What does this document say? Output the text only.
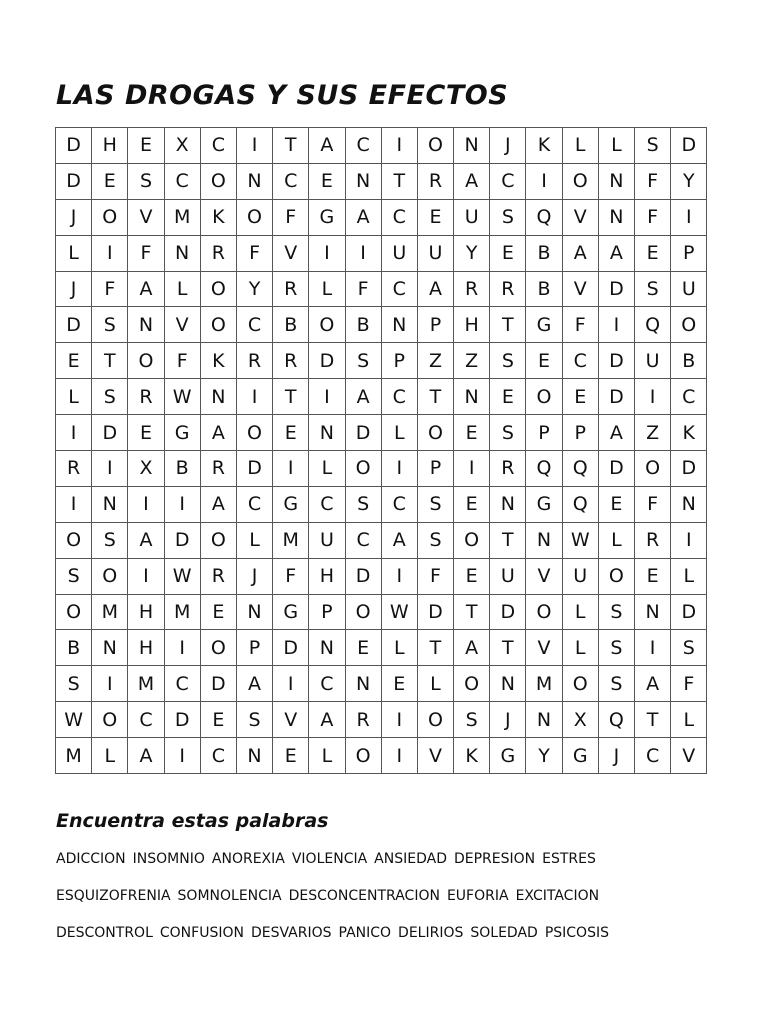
LAS DROGAS Y SUS EFECTOS
D	H	E	X	C	I	T	A	C	I	O	N	J	K	L	L	S	D
D	E	S	C	O	N	C	E	N	T	R	A	C	I	O	N	F	Y
J	O	V	M	K	O	F	G	A	C	E	U	S	Q	V	N	F	I
L	I	F	N	R	F	V	I	I	U	U	Y	E	B	A	A	E	P
J	F	A	L	O	Y	R	L	F	C	A	R	R	B	V	D	S	U
D	S	N	V	O	C	B	O	B	N	P	H	T	G	F	I	Q	O
E	T	O	F	K	R	R	D	S	P	Z	Z	S	E	C	D	U	B
L	S	R	W	N	I	T	I	A	C	T	N	E	O	E	D	I	C
I	D	E	G	A	O	E	N	D	L	O	E	S	P	P	A	Z	K
R	I	X	B	R	D	I	L	O	I	P	I	R	Q	Q	D	O	D
I	N	I	I	A	C	G	C	S	C	S	E	N	G	Q	E	F	N
O	S	A	D	O	L	M	U	C	A	S	O	T	N	W	L	R	I
S	O	I	W	R	J	F	H	D	I	F	E	U	V	U	O	E	L
O	M	H	M	E	N	G	P	O	W	D	T	D	O	L	S	N	D
B	N	H	I	O	P	D	N	E	L	T	A	T	V	L	S	I	S
S	I	M	C	D	A	I	C	N	E	L	O	N	M	O	S	A	F
W	O	C	D	E	S	V	A	R	I	O	S	J	N	X	Q	T	L
M	L	A	I	C	N	E	L	O	I	V	K	G	Y	G	J	C	V
Encuentra estas palabras
ADICCION INSOMNIO ANOREXIA VIOLENCIA ANSIEDAD DEPRESION ESTRES
ESQUIZOFRENIA SOMNOLENCIA DESCONCENTRACION EUFORIA EXCITACION
DESCONTROL CONFUSION DESVARIOS PANICO DELIRIOS SOLEDAD PSICOSIS
